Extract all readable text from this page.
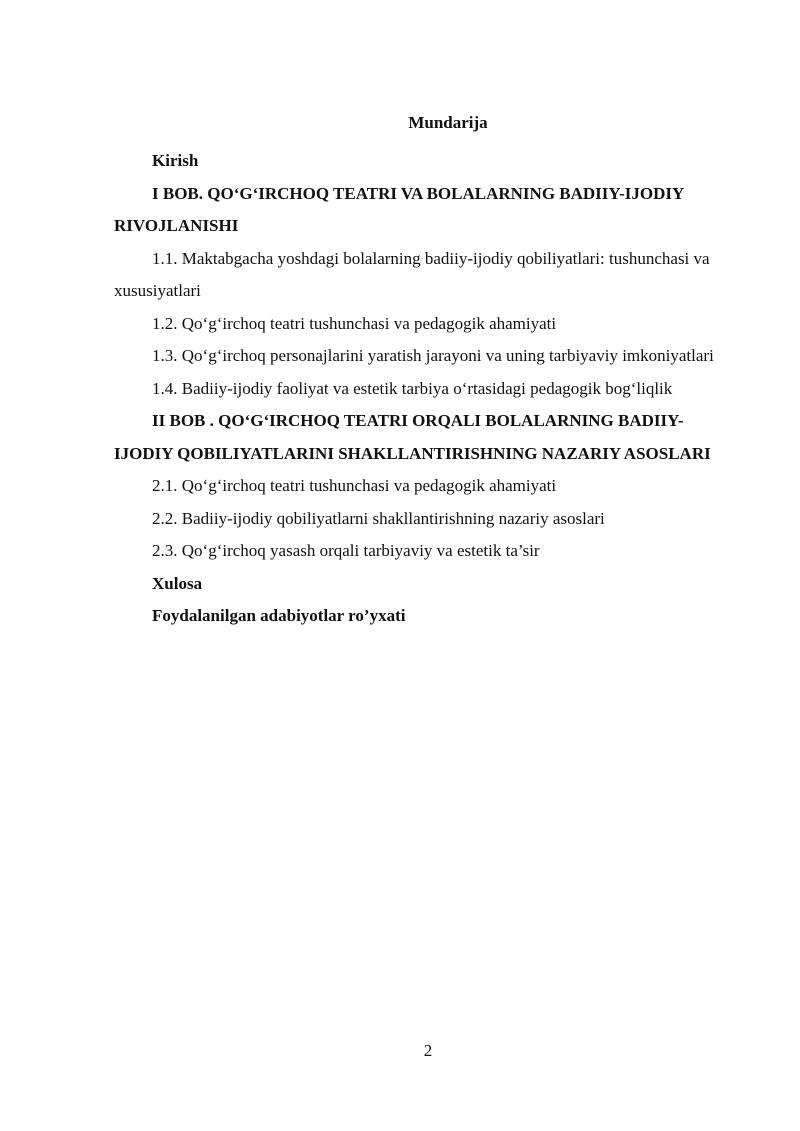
Mundarija

Kirish

I BOB. QO‘G‘IRCHOQ TEATRI VA BOLALARNING BADIIY-IJODIY RIVOJLANISHI

1.1. Maktabgacha yoshdagi bolalarning badiiy-ijodiy qobiliyatlari: tushunchasi va xususiyatlari

1.2. Qo‘g‘irchoq teatri tushunchasi va pedagogik ahamiyati

1.3. Qo‘g‘irchoq personajlarini yaratish jarayoni va uning tarbiyaviy imkoniyatlari

1.4. Badiiy-ijodiy faoliyat va estetik tarbiya o‘rtasidagi pedagogik bog‘liqlik

II BOB . QO‘G‘IRCHOQ TEATRI ORQALI BOLALARNING BADIIY-IJODIY QOBILIYATLARINI SHAKLLANTIRISHNING NAZARIY ASOSLARI

2.1. Qo‘g‘irchoq teatri tushunchasi va pedagogik ahamiyati

2.2. Badiiy-ijodiy qobiliyatlarni shakllantirishning nazariy asoslari

2.3. Qo‘g‘irchoq yasash orqali tarbiyaviy va estetik ta’sir

Xulosa

Foydalanilgan adabiyotlar ro’yxati

2
